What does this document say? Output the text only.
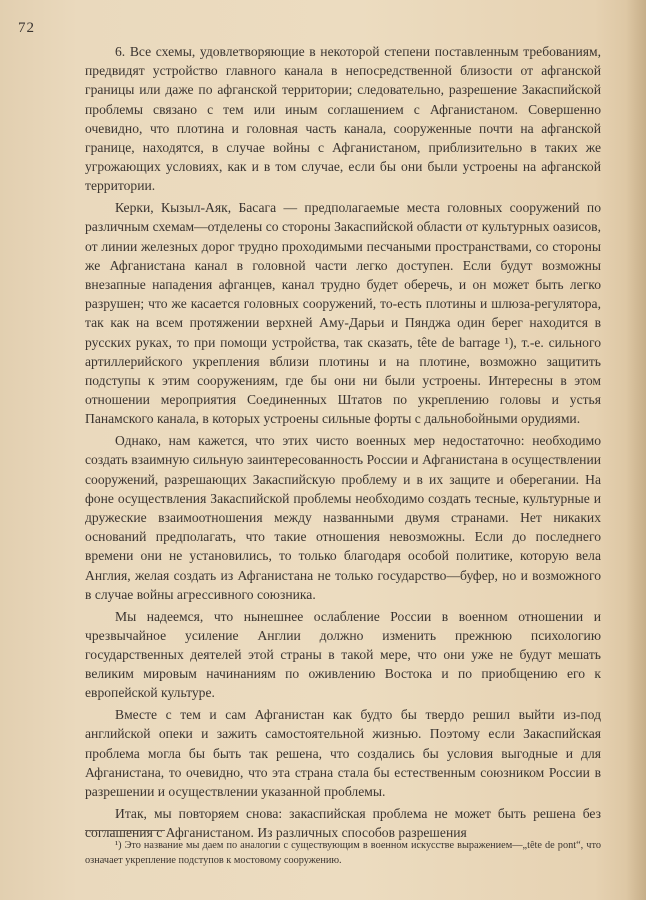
72

6. Все схемы, удовлетворяющие в некоторой степени поставленным требованиям, предвидят устройство главного канала в непосредственной близости от афганской границы или даже по афганской территории; следовательно, разрешение Закаспийской проблемы связано с тем или иным соглашением с Афганистаном. Совершенно очевидно, что плотина и головная часть канала, сооруженные почти на афганской границе, находятся, в случае войны с Афганистаном, приблизительно в таких же угрожающих условиях, как и в том случае, если бы они были устроены на афганской территории.

Керки, Кызыл-Аяк, Басага — предполагаемые места головных сооружений по различным схемам—отделены со стороны Закаспийской области от культурных оазисов, от линии железных дорог трудно проходимыми песчаными пространствами, со стороны же Афганистана канал в головной части легко доступен. Если будут возможны внезапные нападения афганцев, канал трудно будет оберечь, и он может быть легко разрушен; что же касается головных сооружений, то-есть плотины и шлюза-регулятора, так как на всем протяжении верхней Аму-Дарьи и Пянджа один берег находится в русских руках, то при помощи устройства, так сказать, tête de barrage ¹), т.-е. сильного артиллерийского укрепления вблизи плотины и на плотине, возможно защитить подступы к этим сооружениям, где бы они ни были устроены. Интересны в этом отношении мероприятия Соединенных Штатов по укреплению головы и устья Панамского канала, в которых устроены сильные форты с дальнобойными орудиями.

Однако, нам кажется, что этих чисто военных мер недостаточно: необходимо создать взаимную сильную заинтересованность России и Афганистана в осуществлении сооружений, разрешающих Закаспийскую проблему и в их защите и оберегании. На фоне осуществления Закаспийской проблемы необходимо создать тесные, культурные и дружеские взаимоотношения между названными двумя странами. Нет никаких оснований предполагать, что такие отношения невозможны. Если до последнего времени они не установились, то только благодаря особой политике, которую вела Англия, желая создать из Афганистана не только государство—буфер, но и возможного в случае войны агрессивного союзника.

Мы надеемся, что нынешнее ослабление России в военном отношении и чрезвычайное усиление Англии должно изменить прежнюю психологию государственных деятелей этой страны в такой мере, что они уже не будут мешать великим мировым начинаниям по оживлению Востока и по приобщению его к европейской культуре.

Вместе с тем и сам Афганистан как будто бы твердо решил выйти из-под английской опеки и зажить самостоятельной жизнью. Поэтому если Закаспийская проблема могла бы быть так решена, что создались бы условия выгодные и для Афганистана, то очевидно, что эта страна стала бы естественным союзником России в разрешении и осуществлении указанной проблемы.

Итак, мы повторяем снова: закаспийская проблема не может быть решена без соглашения с Афганистаном. Из различных способов разрешения

¹) Это название мы даем по аналогии с существующим в военном искусстве выражением—„tête de pont“, что означает укрепление подступов к мостовому сооружению.
